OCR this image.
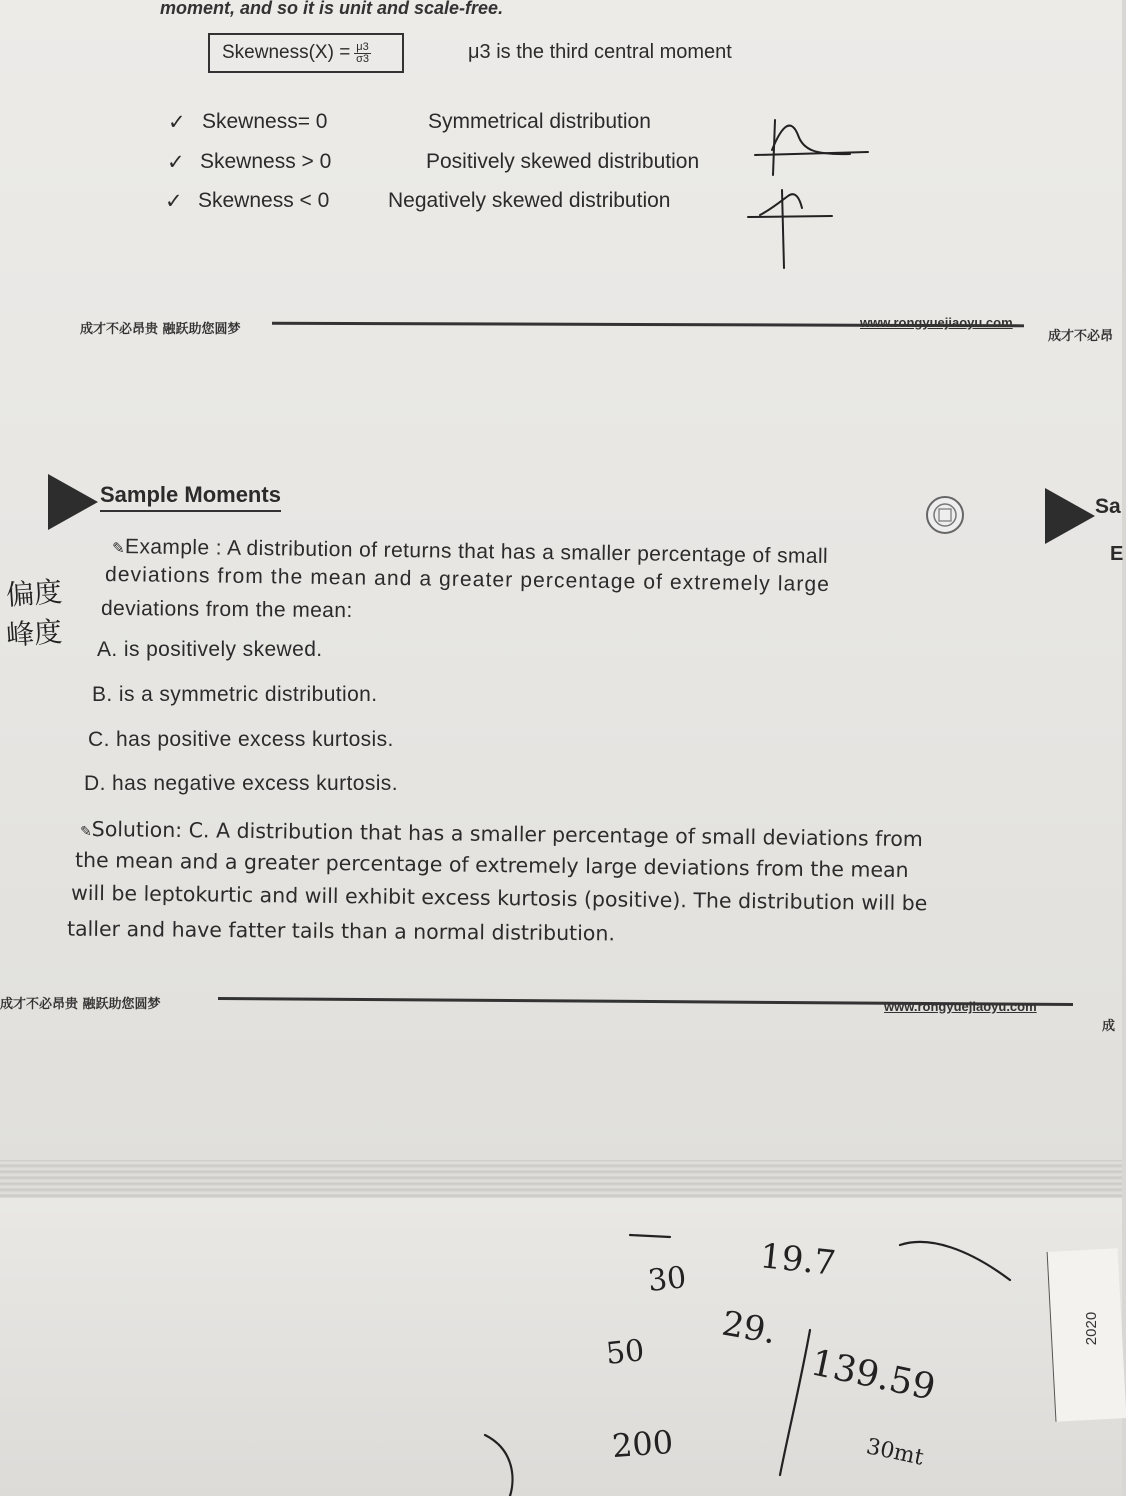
2020
moment, and so it is unit and scale-free.
Skewness(X) = $\frac{\mu 3}{\sigma 3}$	μ3 is the third central moment
✓ Skewness= 0	Symmetrical distribution
✓ Skewness > 0	Positively skewed distribution
✓ Skewness < 0	Negatively skewed distribution
成才不必昂贵 融跃助您圆梦	www.rongyuejiaoyu.com
成才不必昂
Sample Moments	Sa
E
✎Example : A distribution of returns that has a smaller percentage of small
deviations from the mean and a greater percentage of extremely large
deviations from the mean:
A. is positively skewed.
B. is a symmetric distribution.
C. has positive excess kurtosis.
D. has negative excess kurtosis.
✎Solution: C. A distribution that has a smaller percentage of small deviations from
the mean and a greater percentage of extremely large deviations from the mean
will be leptokurtic and will exhibit excess kurtosis (positive). The distribution will be
taller and have fatter tails than a normal distribution.
成才不必昂贵 融跃助您圆梦	www.rongyuejiaoyu.com
成
偏度
峰度
30
50
200
19.7
29.
139.59
30mt
